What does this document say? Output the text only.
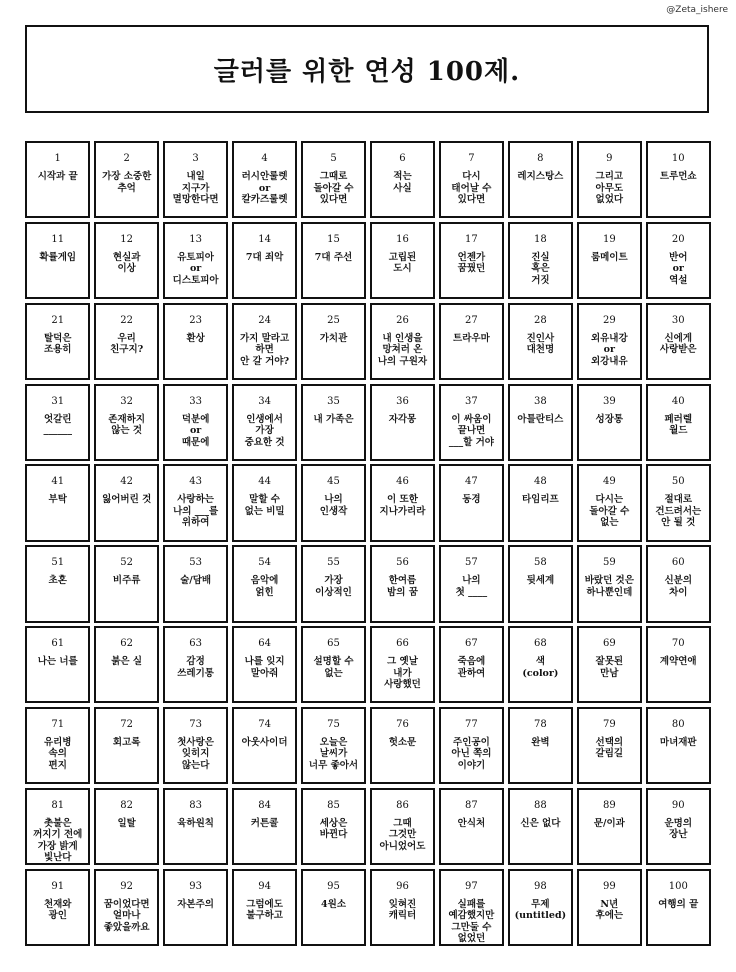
@Zeta_ishere
글러를 위한 연성 100제.
1
시작과 끝
2
가장 소중한
추억
3
내일
지구가
멸망한다면
4
러시안룰렛
or
칼카즈룰렛
5
그때로
돌아갈 수
있다면
6
적는
사실
7
다시
태어날 수
있다면
8
레지스탕스
9
그리고
아무도
없었다
10
트루먼쇼
11
확률게임
12
현실과
이상
13
유토피아
or
디스토피아
14
7대 죄악
15
7대 주선
16
고립된
도시
17
언젠가
꿈꿨던
18
진실
혹은
거짓
19
룸메이트
20
반어
or
역설
21
탈덕은
조용히
22
우리
친구지?
23
환상
24
가지 말라고
하면
안 갈 거야?
25
가치관
26
내 인생을
망쳐러 온
나의 구원자
27
트라우마
28
진인사
대천명
29
외유내강
or
외강내유
30
신에게
사랑받은
31
엇갈린
______
32
존재하지
않는 것
33
덕분에
or
때문에
34
인생에서
가장
중요한 것
35
내 가족은
36
자각몽
37
이 싸움이
끝나면
___할 거야
38
아틀란티스
39
성장통
40
페러렐
월드
41
부탁
42
잃어버린 것
43
사랑하는
나의 ___를
위하여
44
말할 수
없는 비밀
45
나의
인생작
46
이 또한
지나가리라
47
동경
48
타임리프
49
다시는
돌아갈 수
없는
50
절대로
건드려서는
안 될 것
51
초혼
52
비주류
53
술/담배
54
음악에
얽힌
55
가장
이상적인
56
한여름
밤의 꿈
57
나의
첫 ____
58
뒷세계
59
바랐던 것은
하나뿐인데
60
신분의
차이
61
나는 너를
62
붉은 실
63
감정
쓰레기통
64
나를 잊지
말아줘
65
설명할 수
없는
66
그 옛날
내가
사랑했던
67
죽음에
관하여
68
색
(color)
69
잘못된
만남
70
계약연애
71
유리병
속의
편지
72
회고록
73
첫사랑은
잊히지
않는다
74
아웃사이더
75
오늘은
날씨가
너무 좋아서
76
헛소문
77
주인공이
아닌 쪽의
이야기
78
완벽
79
선택의
갈림길
80
마녀재판
81
촛불은
꺼지기 전에
가장 밝게
빛난다
82
일탈
83
육하원칙
84
커튼콜
85
세상은
바뀐다
86
그때
그것만
아니었어도
87
안식처
88
신은 없다
89
문/이과
90
운명의
장난
91
천재와
광인
92
꿈이었다면
얼마나
좋았을까요
93
자본주의
94
그럼에도
불구하고
95
4원소
96
잊혀진
캐릭터
97
실패를
예감했지만
그만둘 수
없었던
98
무제
(untitled)
99
N년
후에는
100
여행의 끝
